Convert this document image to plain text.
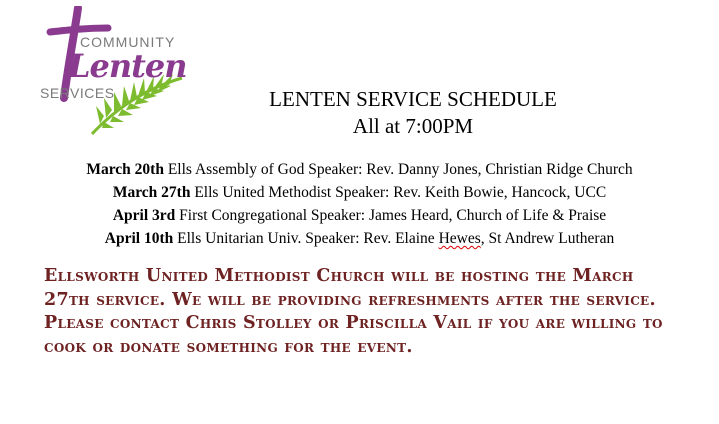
COMMUNITY
Lenten
SERVICES	LENTEN SERVICE SCHEDULE
All at 7:00PM
March 20th Ells Assembly of God Speaker: Rev. Danny Jones, Christian Ridge Church
March 27th Ells United Methodist Speaker: Rev. Keith Bowie, Hancock, UCC
April 3rd First Congregational Speaker: James Heard, Church of Life & Praise
April 10th Ells Unitarian Univ. Speaker: Rev. Elaine Hewes, St Andrew Lutheran
Ellsworth United Methodist Church will be hosting the March 27th service. We will be providing refreshments after the service. Please contact Chris Stolley or Priscilla Vail if you are willing to cook or donate something for the event.
